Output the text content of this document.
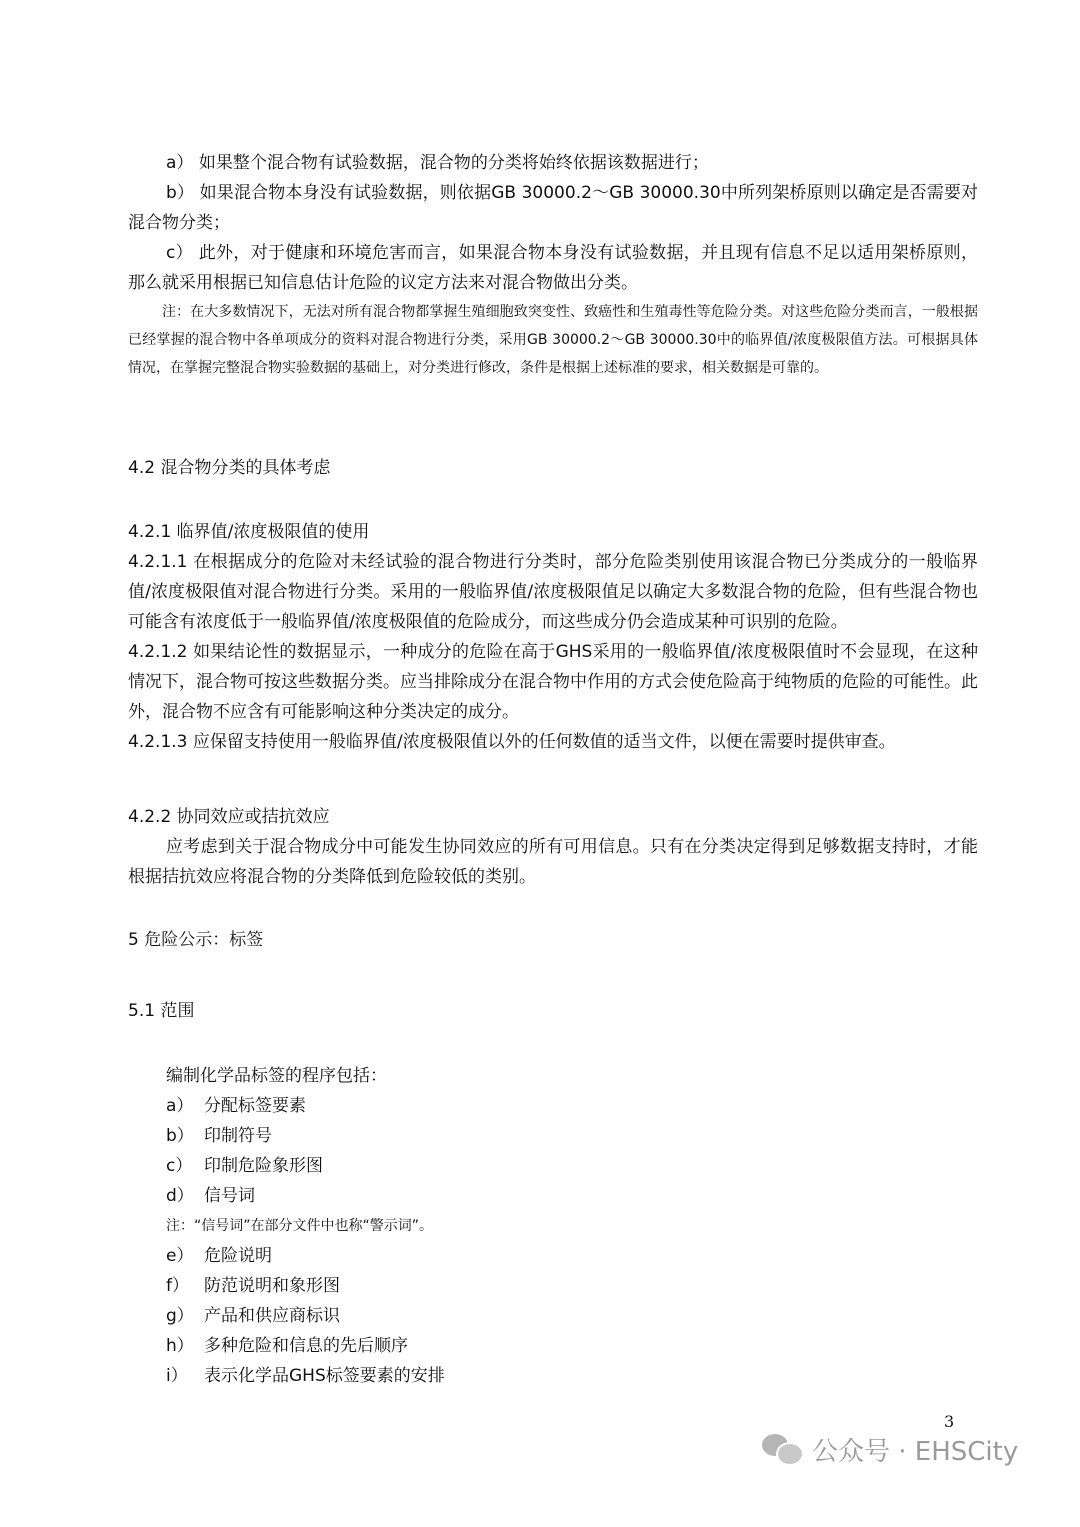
a） 如果整个混合物有试验数据，混合物的分类将始终依据该数据进行；

b） 如果混合物本身没有试验数据，则依据GB 30000.2～GB 30000.30中所列架桥原则以确定是否需要对混合物分类；

c） 此外，对于健康和环境危害而言，如果混合物本身没有试验数据，并且现有信息不足以适用架桥原则，那么就采用根据已知信息估计危险的议定方法来对混合物做出分类。

注：在大多数情况下，无法对所有混合物都掌握生殖细胞致突变性、致癌性和生殖毒性等危险分类。对这些危险分类而言，一般根据已经掌握的混合物中各单项成分的资料对混合物进行分类，采用GB 30000.2～GB 30000.30中的临界值/浓度极限值方法。可根据具体情况，在掌握完整混合物实验数据的基础上，对分类进行修改，条件是根据上述标准的要求，相关数据是可靠的。

4.2 混合物分类的具体考虑
4.2.1 临界值/浓度极限值的使用

4.2.1.1 在根据成分的危险对未经试验的混合物进行分类时，部分危险类别使用该混合物已分类成分的一般临界值/浓度极限值对混合物进行分类。采用的一般临界值/浓度极限值足以确定大多数混合物的危险，但有些混合物也可能含有浓度低于一般临界值/浓度极限值的危险成分，而这些成分仍会造成某种可识别的危险。

4.2.1.2 如果结论性的数据显示，一种成分的危险在高于GHS采用的一般临界值/浓度极限值时不会显现，在这种情况下，混合物可按这些数据分类。应当排除成分在混合物中作用的方式会使危险高于纯物质的危险的可能性。此外，混合物不应含有可能影响这种分类决定的成分。

4.2.1.3 应保留支持使用一般临界值/浓度极限值以外的任何数值的适当文件，以便在需要时提供审查。

4.2.2 协同效应或拮抗效应

应考虑到关于混合物成分中可能发生协同效应的所有可用信息。只有在分类决定得到足够数据支持时，才能根据拮抗效应将混合物的分类降低到危险较低的类别。

5 危险公示：标签
5.1 范围

编制化学品标签的程序包括：

a） 分配标签要素

b） 印制符号

c） 印制危险象形图

d） 信号词

注：“信号词”在部分文件中也称“警示词”。

e） 危险说明

f） 防范说明和象形图

g） 产品和供应商标识

h） 多种危险和信息的先后顺序

i） 表示化学品GHS标签要素的安排

3
公众号 · EHSCity
